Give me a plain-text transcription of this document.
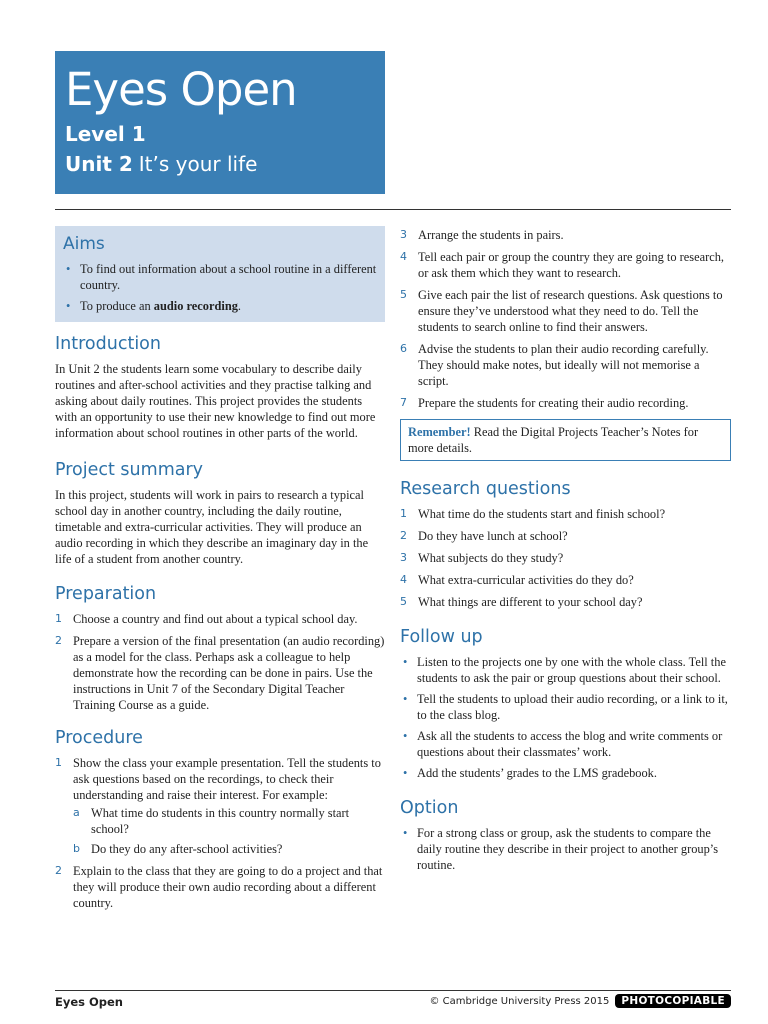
Eyes Open
Level 1
Unit 2 It’s your life
Aims
• To find out information about a school routine in a different country.
• To produce an audio recording.
Introduction

In Unit 2 the students learn some vocabulary to describe daily routines and after-school activities and they practise talking and asking about daily routines. This project provides the students with an opportunity to use their new knowledge to find out more information about school routines in other parts of the world.

Project summary

In this project, students will work in pairs to research a typical school day in another country, including the daily routine, timetable and extra-curricular activities. They will produce an audio recording in which they describe an imaginary day in the life of a student from another country.

Preparation
1 Choose a country and find out about a typical school day.
2 Prepare a version of the final presentation (an audio recording) as a model for the class. Perhaps ask a colleague to help demonstrate how the recording can be done in pairs. Use the instructions in Unit 7 of the Secondary Digital Teacher Training Course as a guide.
Procedure
1 Show the class your example presentation. Tell the students to ask questions based on the recordings, to check their understanding and raise their interest. For example:
a What time do students in this country normally start school?
b Do they do any after-school activities?
2 Explain to the class that they are going to do a project and that they will produce their own audio recording about a different country.
3 Arrange the students in pairs.
4 Tell each pair or group the country they are going to research, or ask them which they want to research.
5 Give each pair the list of research questions. Ask questions to ensure they’ve understood what they need to do. Tell the students to search online to find their answers.
6 Advise the students to plan their audio recording carefully. They should make notes, but ideally will not memorise a script.
7 Prepare the students for creating their audio recording.
Remember! Read the Digital Projects Teacher’s Notes for more details.
Research questions
1 What time do the students start and finish school?
2 Do they have lunch at school?
3 What subjects do they study?
4 What extra-curricular activities do they do?
5 What things are different to your school day?
Follow up
• Listen to the projects one by one with the whole class. Tell the students to ask the pair or group questions about their school.
• Tell the students to upload their audio recording, or a link to it, to the class blog.
• Ask all the students to access the blog and write comments or questions about their classmates’ work.
• Add the students’ grades to the LMS gradebook.
Option
• For a strong class or group, ask the students to compare the daily routine they describe in their project to another group’s routine.
Eyes Open	© Cambridge University Press 2015	PHOTOCOPIABLE
